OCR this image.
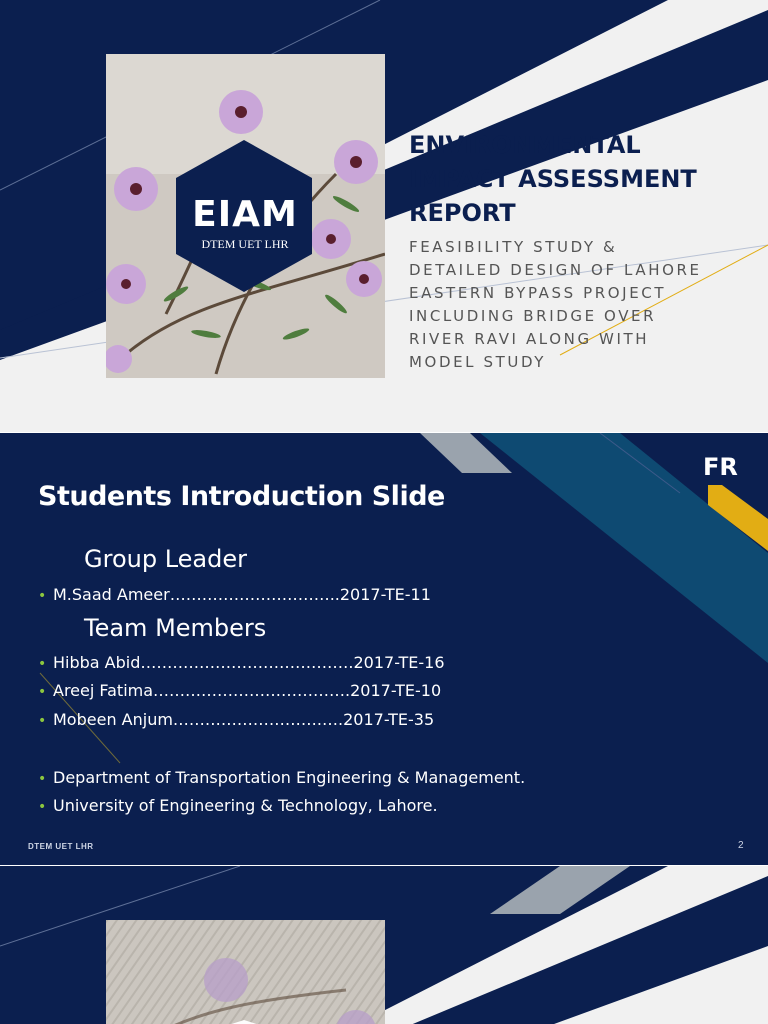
EIAM
DTEM UET LHR
ENVIRONMENTAL
IMPACT ASSESSMENT
REPORT
FEASIBILITY STUDY &
DETAILED DESIGN OF LAHORE
EASTERN BYPASS PROJECT
INCLUDING BRIDGE OVER
RIVER RAVI ALONG WITH
MODEL STUDY
FR
Students Introduction Slide
Group Leader
• M.Saad Ameer…………………………..2017-TE-11
Team Members
• Hibba Abid………………………………….2017-TE-16
• Areej Fatima……………………………….2017-TE-10
• Mobeen Anjum……………………….….2017-TE-35
• Department of Transportation Engineering & Management.
• University of Engineering & Technology, Lahore.
DTEM UET LHR	2
